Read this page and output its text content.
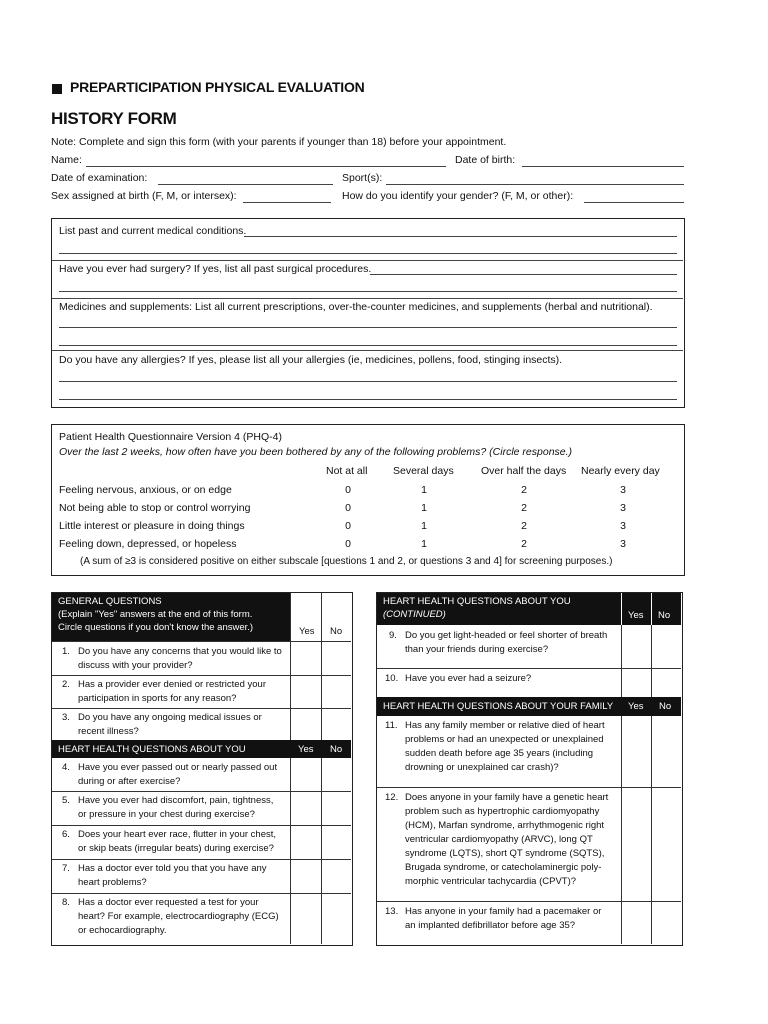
PREPARTICIPATION PHYSICAL EVALUATION
HISTORY FORM
Note: Complete and sign this form (with your parents if younger than 18) before your appointment.
Name:	Date of birth:
Date of examination:	Sport(s):
Sex assigned at birth (F, M, or intersex):	How do you identify your gender? (F, M, or other):
List past and current medical conditions.
Have you ever had surgery? If yes, list all past surgical procedures.
Medicines and supplements: List all current prescriptions, over-the-counter medicines, and supplements (herbal and nutritional).
Do you have any allergies? If yes, please list all your allergies (ie, medicines, pollens, food, stinging insects).
Patient Health Questionnaire Version 4 (PHQ-4)
Over the last 2 weeks, how often have you been bothered by any of the following problems? (Circle response.)
Not at all Several days	Over half the days Nearly every day
Feeling nervous, anxious, or on edge	0	1	2	3
Not being able to stop or control worrying	0	1	2	3
Little interest or pleasure in doing things	0	1	2	3
Feeling down, depressed, or hopeless	0	1	2	3
(A sum of ≥3 is considered positive on either subscale [questions 1 and 2, or questions 3 and 4] for screening purposes.)
GENERAL QUESTIONS
(Explain "Yes" answers at the end of this form.
Circle questions if you don't know the answer.)	Yes No
1. Do you have any concerns that you would like to
discuss with your provider?
2. Has a provider ever denied or restricted your
participation in sports for any reason?
3. Do you have any ongoing medical issues or
recent illness?
HEART HEALTH QUESTIONS ABOUT YOU	Yes No
4. Have you ever passed out or nearly passed out
during or after exercise?
5. Have you ever had discomfort, pain, tightness,
or pressure in your chest during exercise?
6. Does your heart ever race, flutter in your chest,
or skip beats (irregular beats) during exercise?
7. Has a doctor ever told you that you have any
heart problems?
8. Has a doctor ever requested a test for your
heart? For example, electrocardiography (ECG)
or echocardiography.
HEART HEALTH QUESTIONS ABOUT YOU
(CONTINUED)	Yes	No
9. Do you get light-headed or feel shorter of breath
than your friends during exercise?
10. Have you ever had a seizure?
HEART HEALTH QUESTIONS ABOUT YOUR FAMILY Yes No
11. Has any family member or relative died of heart
problems or had an unexpected or unexplained
sudden death before age 35 years (including
drowning or unexplained car crash)?
12. Does anyone in your family have a genetic heart
problem such as hypertrophic cardiomyopathy
(HCM), Marfan syndrome, arrhythmogenic right
ventricular cardiomyopathy (ARVC), long QT
syndrome (LQTS), short QT syndrome (SQTS),
Brugada syndrome, or catecholaminergic poly-
morphic ventricular tachycardia (CPVT)?
13. Has anyone in your family had a pacemaker or
an implanted defibrillator before age 35?
